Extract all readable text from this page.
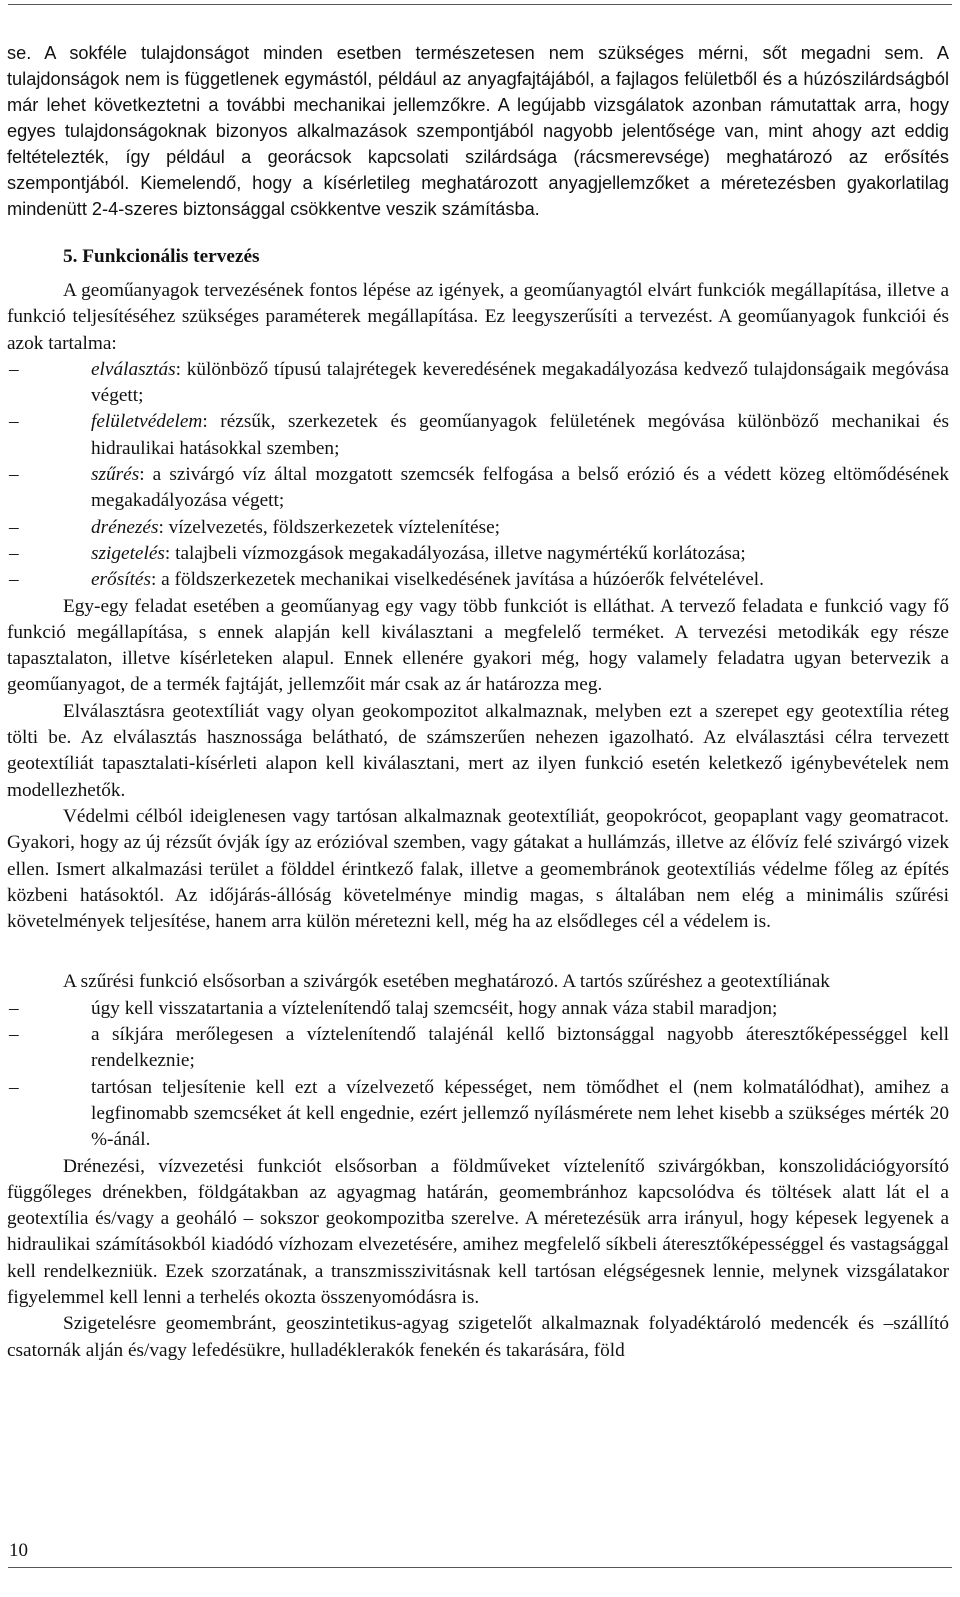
se. A sokféle tulajdonságot minden esetben természetesen nem szükséges mérni, sőt megadni sem. A tulajdonságok nem is függetlenek egymástól, például az anyagfajtájából, a fajlagos felületből és a húzószilárdságból már lehet következtetni a további mechanikai jellemzőkre. A legújabb vizsgálatok azonban rámutattak arra, hogy egyes tulajdonságoknak bizonyos alkalmazások szempontjából nagyobb jelentősége van, mint ahogy azt eddig feltételezték, így például a georácsok kapcsolati szilárdsága (rácsmerevsége) meghatározó az erősítés szempontjából. Kiemelendő, hogy a kísérletileg meghatározott anyagjellemzőket a méretezésben gyakorlatilag mindenütt 2-4-szeres biztonsággal csökkentve veszik számításba.

5. Funkcionális tervezés

A geoműanyagok tervezésének fontos lépése az igények, a geoműanyagtól elvárt funkciók megállapítása, illetve a funkció teljesítéséhez szükséges paraméterek megállapítása. Ez leegyszerűsíti a tervezést. A geoműanyagok funkciói és azok tartalma:

–	elválasztás: különböző típusú talajrétegek keveredésének megakadályozása kedvező tulajdonságaik megóvása végett;
–	felületvédelem: rézsűk, szerkezetek és geoműanyagok felületének megóvása különböző mechanikai és hidraulikai hatásokkal szemben;
–	szűrés: a szivárgó víz által mozgatott szemcsék felfogása a belső erózió és a védett közeg eltömődésének megakadályozása végett;
–	drénezés: vízelvezetés, földszerkezetek víztelenítése;
–	szigetelés: talajbeli vízmozgások megakadályozása, illetve nagymértékű korlátozása;
–	erősítés: a földszerkezetek mechanikai viselkedésének javítása a húzóerők felvételével.

Egy-egy feladat esetében a geoműanyag egy vagy több funkciót is elláthat. A tervező feladata e funkció vagy fő funkció megállapítása, s ennek alapján kell kiválasztani a megfelelő terméket. A tervezési metodikák egy része tapasztalaton, illetve kísérleteken alapul. Ennek ellenére gyakori még, hogy valamely feladatra ugyan betervezik a geoműanyagot, de a termék fajtáját, jellemzőit már csak az ár határozza meg.

Elválasztásra geotextíliát vagy olyan geokompozitot alkalmaznak, melyben ezt a szerepet egy geotextília réteg tölti be. Az elválasztás hasznossága belátható, de számszerűen nehezen igazolható. Az elválasztási célra tervezett geotextíliát tapasztalati-kísérleti alapon kell kiválasztani, mert az ilyen funkció esetén keletkező igénybevételek nem modellezhetők.

Védelmi célból ideiglenesen vagy tartósan alkalmaznak geotextíliát, geopokrócot, geopaplant vagy geomatracot. Gyakori, hogy az új rézsűt óvják így az erózióval szemben, vagy gátakat a hullámzás, illetve az élővíz felé szivárgó vizek ellen. Ismert alkalmazási terület a földdel érintkező falak, illetve a geomembránok geotextíliás védelme főleg az építés közbeni hatásoktól. Az időjárás-állóság követelménye mindig magas, s általában nem elég a minimális szűrési követelmények teljesítése, hanem arra külön méretezni kell, még ha az elsődleges cél a védelem is.

A szűrési funkció elsősorban a szivárgók esetében meghatározó. A tartós szűréshez a geotextíliának

–	úgy kell visszatartania a víztelenítendő talaj szemcséit, hogy annak váza stabil maradjon;
–	a síkjára merőlegesen a víztelenítendő talajénál kellő biztonsággal nagyobb áteresztőképességgel kell rendelkeznie;
–	tartósan teljesítenie kell ezt a vízelvezető képességet, nem tömődhet el (nem kolmatálódhat), amihez a legfinomabb szemcséket át kell engednie, ezért jellemző nyílásmérete nem lehet kisebb a szükséges mérték 20 %-ánál.

Drénezési, vízvezetési funkciót elsősorban a földműveket víztelenítő szivárgókban, konszolidációgyorsító függőleges drénekben, földgátakban az agyagmag határán, geomembránhoz kapcsolódva és töltések alatt lát el a geotextília és/vagy a geoháló – sokszor geokompozitba szerelve. A méretezésük arra irányul, hogy képesek legyenek a hidraulikai számításokból kiadódó vízhozam elvezetésére, amihez megfelelő síkbeli áteresztőképességgel és vastagsággal kell rendelkezniük. Ezek szorzatának, a transzmisszivitásnak kell tartósan elégségesnek lennie, melynek vizsgálatakor figyelemmel kell lenni a terhelés okozta összenyomódásra is.

Szigetelésre geomembránt, geoszintetikus-agyag szigetelőt alkalmaznak folyadéktároló medencék és –szállító csatornák alján és/vagy lefedésükre, hulladéklerakók fenekén és takarására, föld

10
